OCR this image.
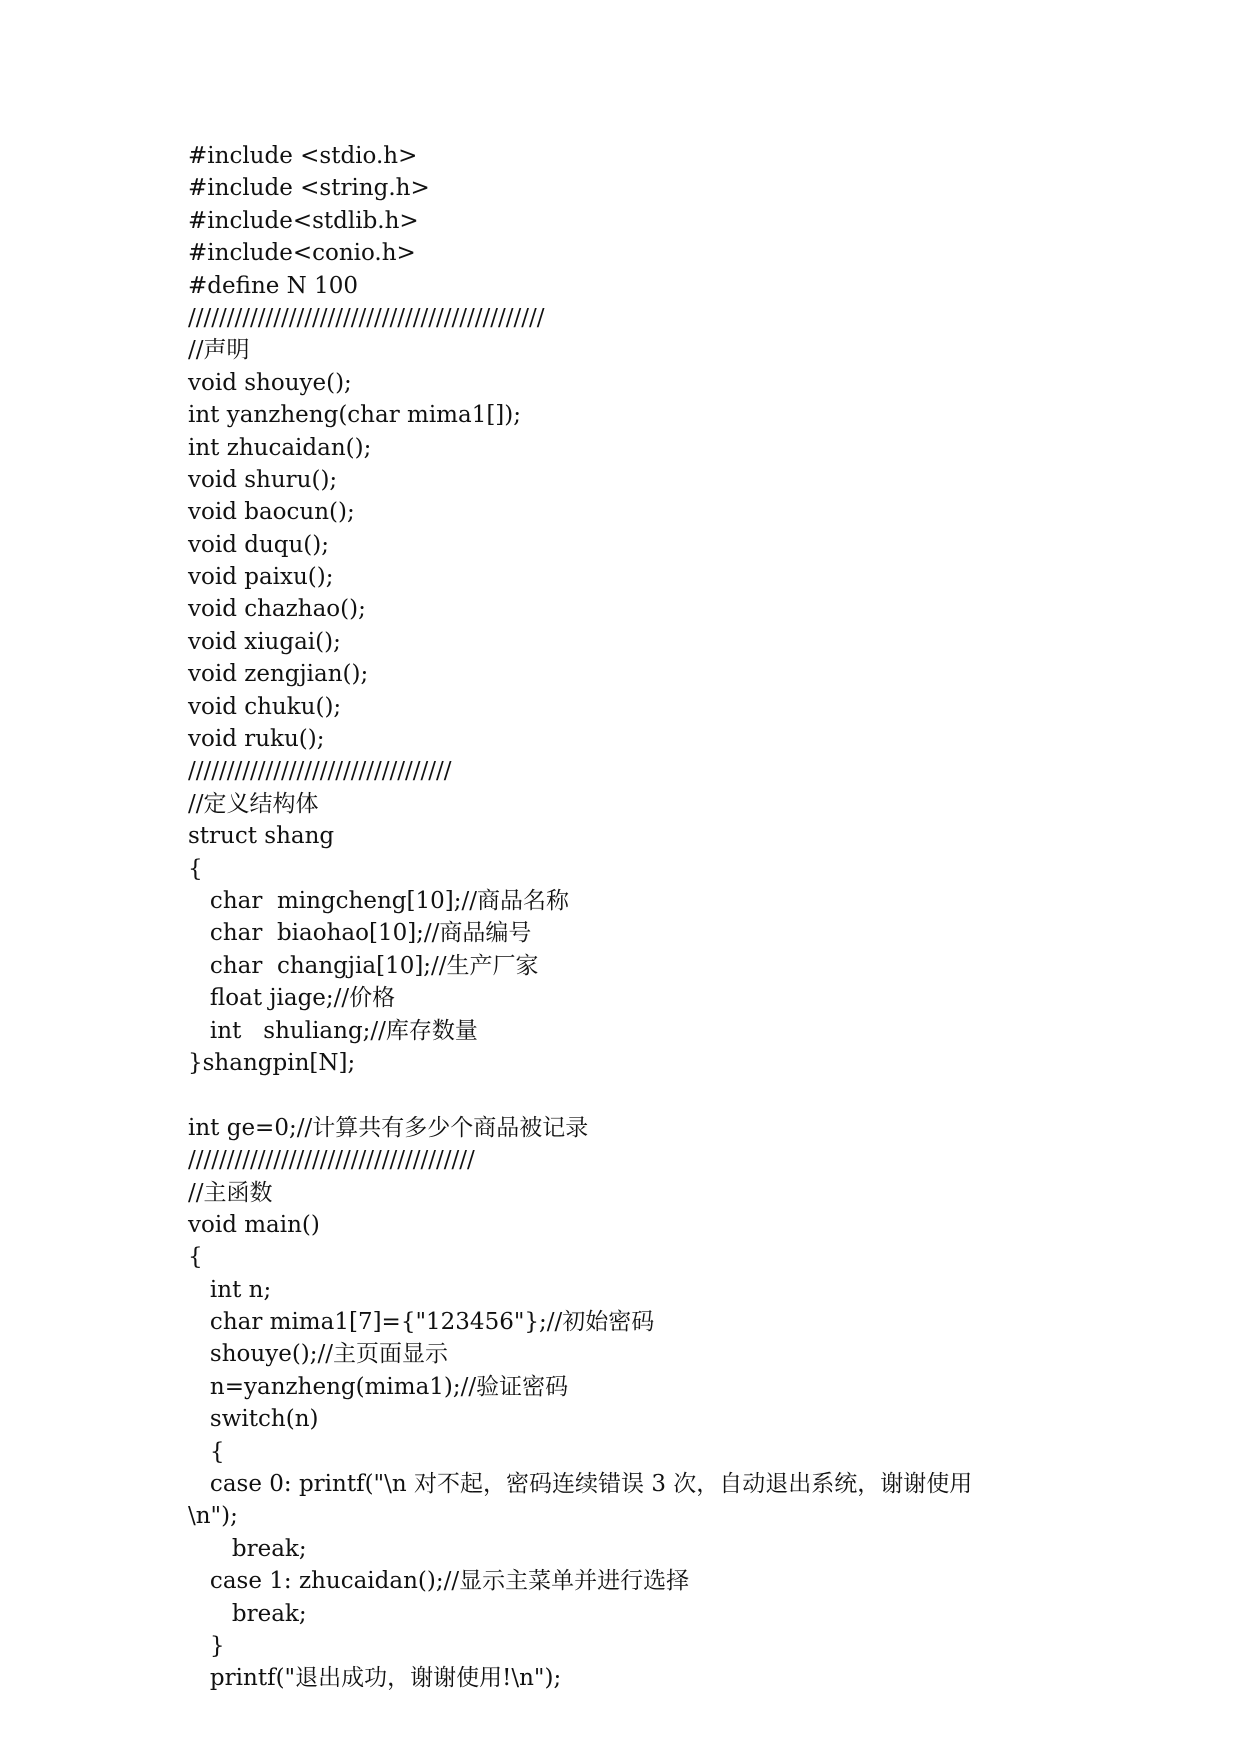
#include <stdio.h>
#include <string.h>
#include<stdlib.h>
#include<conio.h>
#define N 100
//////////////////////////////////////////////
//声明
void shouye();
int yanzheng(char mima1[]);
int zhucaidan();
void shuru();
void baocun();
void duqu();
void paixu();
void chazhao();
void xiugai();
void zengjian();
void chuku();
void ruku();
//////////////////////////////////
//定义结构体
struct shang
{
char  mingcheng[10];//商品名称
char  biaohao[10];//商品编号
char  changjia[10];//生产厂家
float jiage;//价格
int   shuliang;//库存数量
}shangpin[N];
int ge=0;//计算共有多少个商品被记录
/////////////////////////////////////
//主函数
void main()
{
int n;
char mima1[7]={"123456"};//初始密码
shouye();//主页面显示
n=yanzheng(mima1);//验证密码
switch(n)
{
case 0: printf("\n 对不起，密码连续错误 3 次，自动退出系统，谢谢使用
\n");
break;
case 1: zhucaidan();//显示主菜单并进行选择
break;
}
printf("退出成功，谢谢使用!\n");
